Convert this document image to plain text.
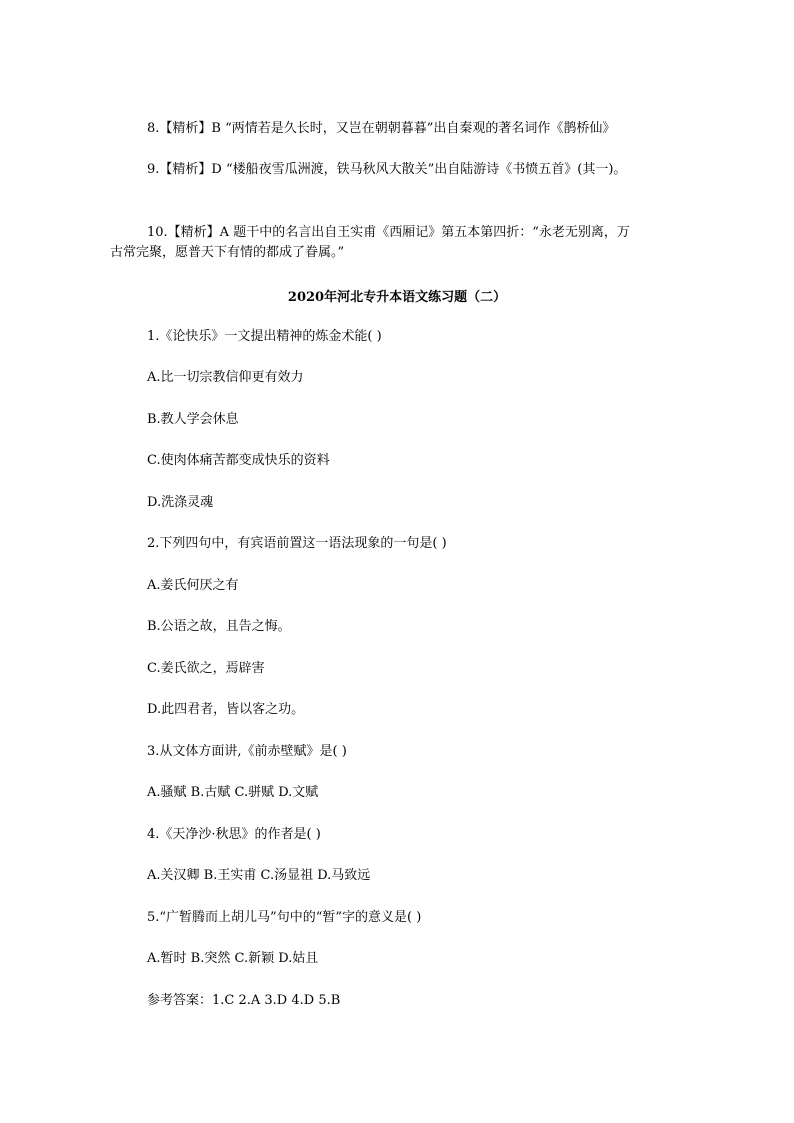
8.【精析】B “两情若是久长时，又岂在朝朝暮暮”出自秦观的著名词作《鹊桥仙》
9.【精析】D “楼船夜雪瓜洲渡，铁马秋风大散关”出自陆游诗《书愤五首》(其一)。
10.【精析】A 题干中的名言出自王实甫《西厢记》第五本第四折：“永老无别离，万
古常完聚，愿普天下有情的都成了眷属。”
2020年河北专升本语文练习题（二）
1.《论快乐》一文提出精神的炼金术能( )
A.比一切宗教信仰更有效力
B.教人学会休息
C.使肉体痛苦都变成快乐的资料
D.洗涤灵魂
2.下列四句中，有宾语前置这一语法现象的一句是( )
A.姜氏何厌之有
B.公语之故，且告之悔。
C.姜氏欲之，焉辟害
D.此四君者，皆以客之功。
3.从文体方面讲,《前赤壁赋》是( )
A.骚赋 B.古赋 C.骈赋 D.文赋
4.《天净沙·秋思》的作者是( )
A.关汉卿 B.王实甫 C.汤显祖 D.马致远
5.“广暂腾而上胡儿马”句中的“暂”字的意义是( )
A.暂时 B.突然 C.新颖 D.姑且
参考答案：1.C 2.A 3.D 4.D 5.B
